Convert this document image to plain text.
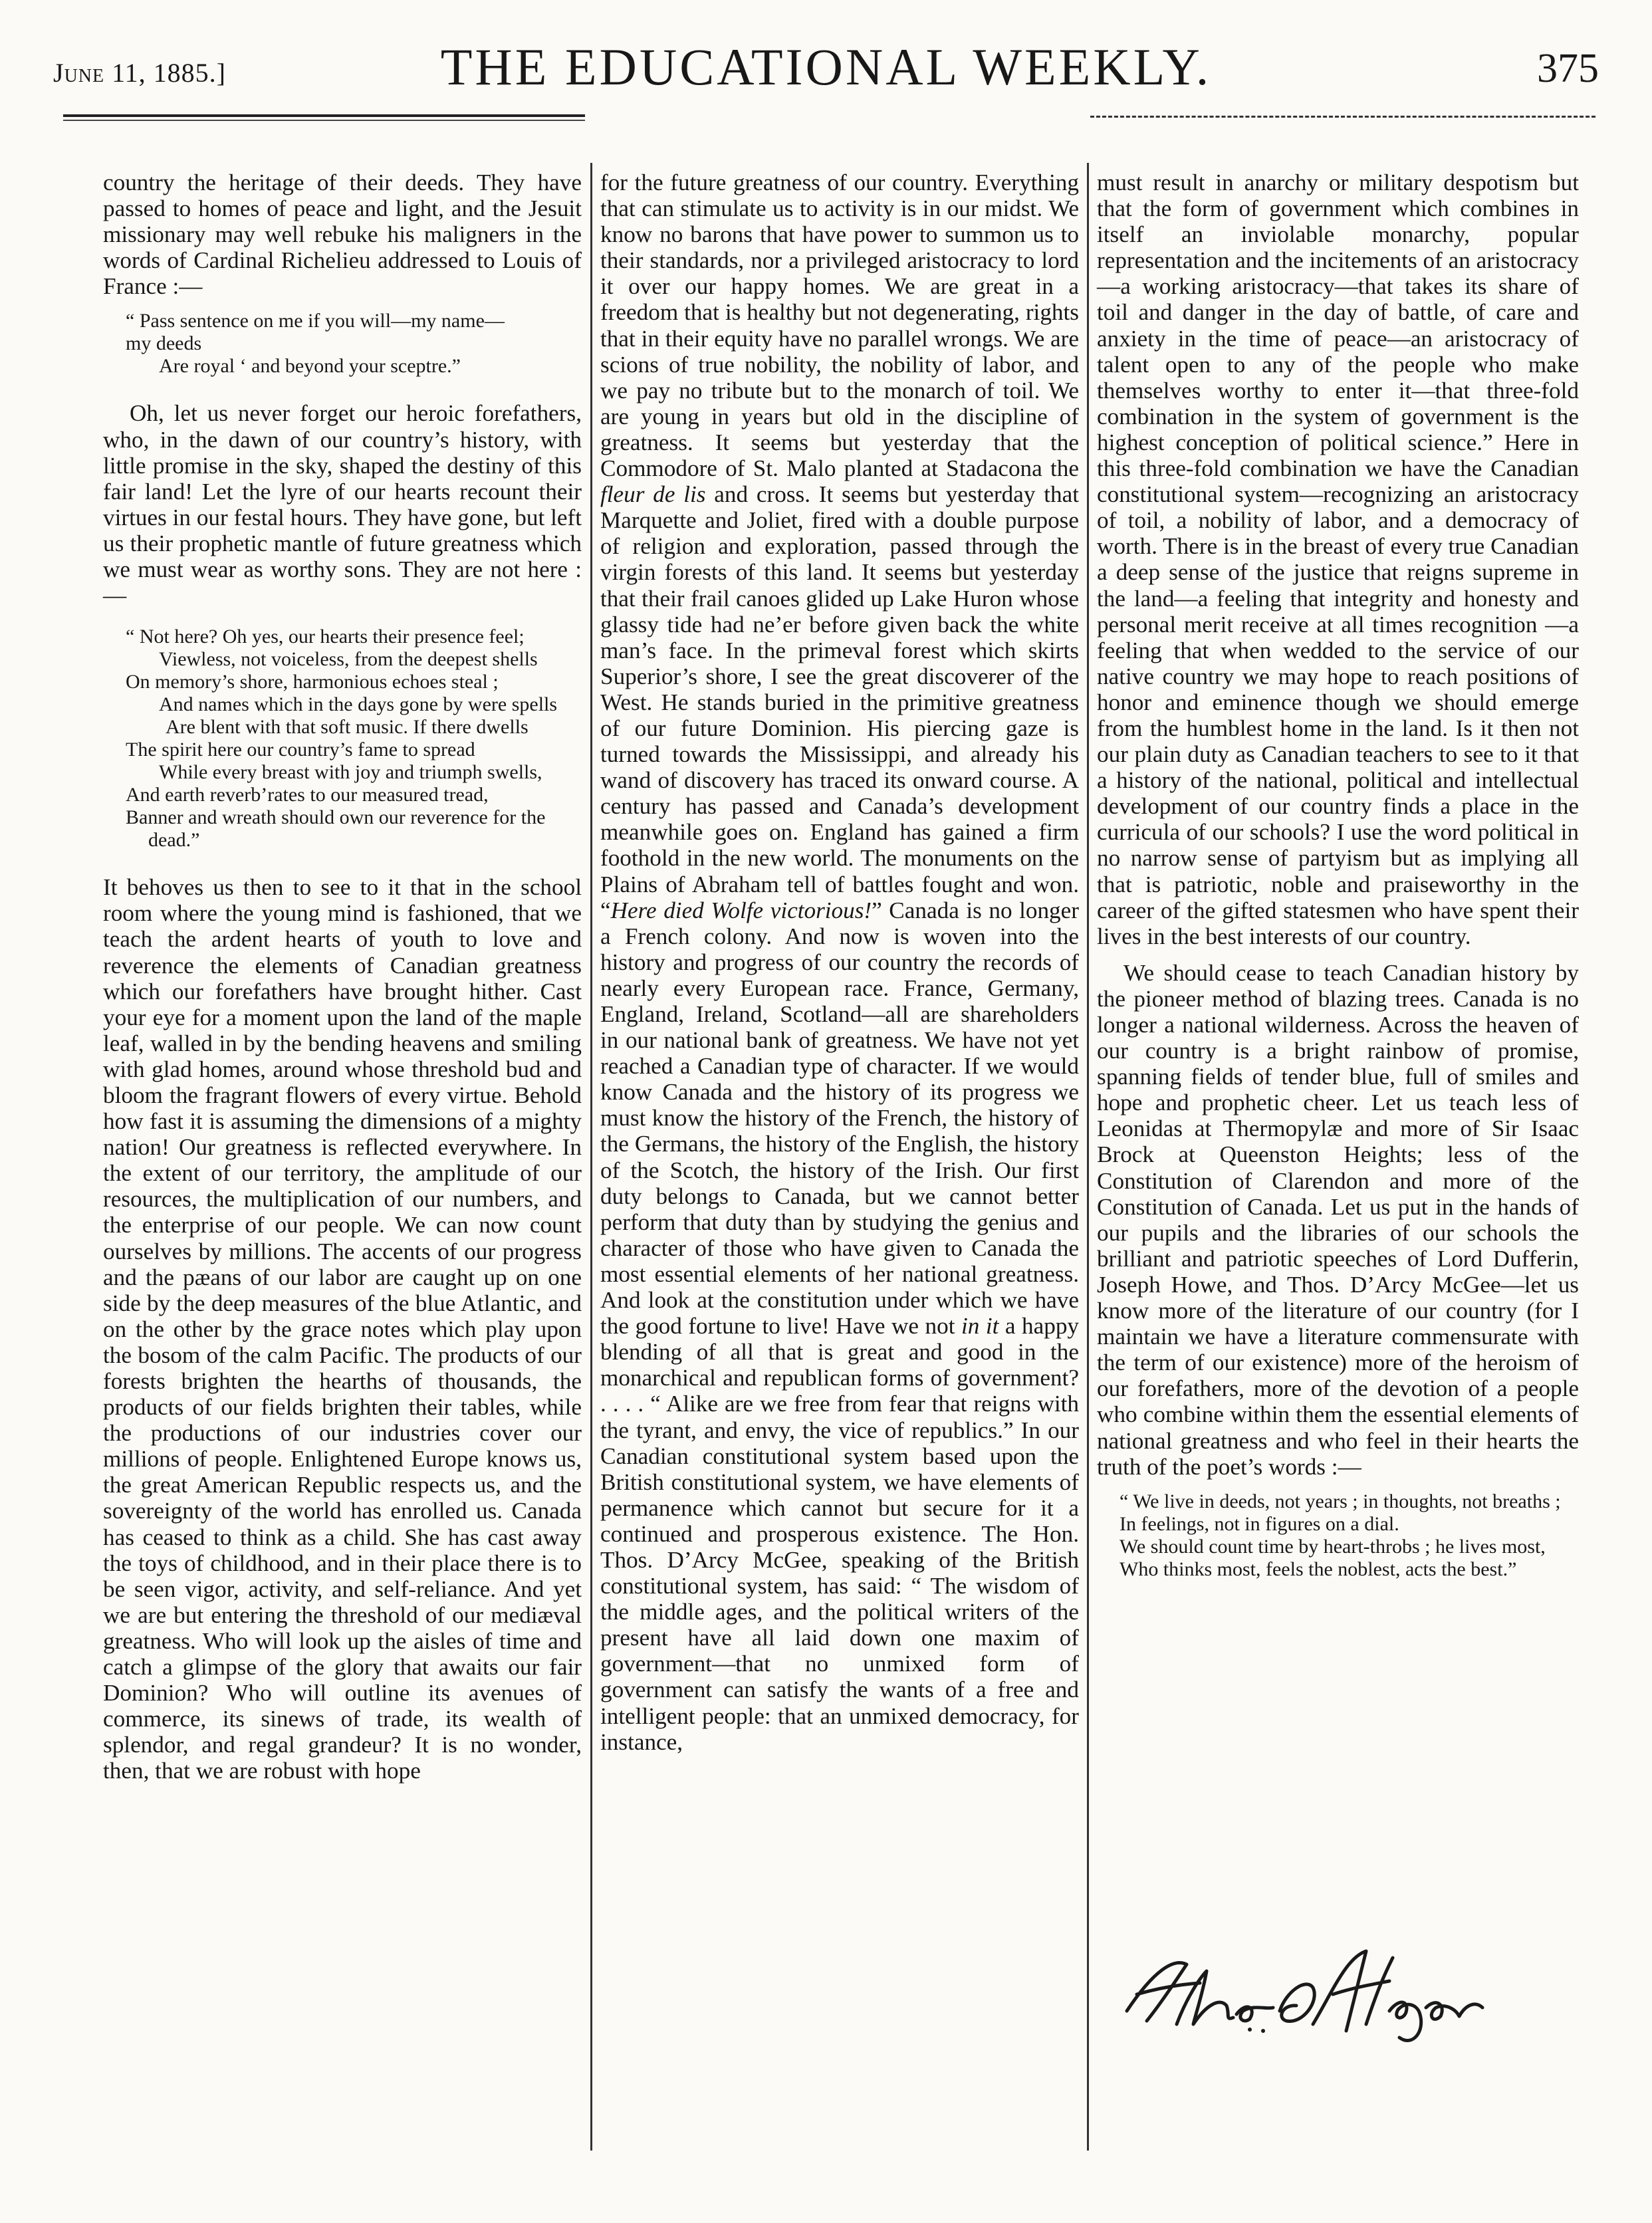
June 11, 1885.]	THE EDUCATIONAL WEEKLY.	375

country the heritage of their deeds. They have passed to homes of peace and light, and the Jesuit missionary may well rebuke his maligners in the words of Cardinal Richelieu addressed to Louis of France :—

“ Pass sentence on me if you will—my name—
my deeds
Are royal ‘ and beyond your sceptre.”

Oh, let us never forget our heroic forefathers, who, in the dawn of our country’s history, with little promise in the sky, shaped the destiny of this fair land! Let the lyre of our hearts recount their virtues in our festal hours. They have gone, but left us their prophetic mantle of future greatness which we must wear as worthy sons. They are not here :—

“ Not here? Oh yes, our hearts their presence feel;
Viewless, not voiceless, from the deepest shells
On memory’s shore, harmonious echoes steal ;
And names which in the days gone by were spells
Are blent with that soft music. If there dwells
The spirit here our country’s fame to spread
While every breast with joy and triumph swells,
And earth reverb’rates to our measured tread,
Banner and wreath should own our reverence for the dead.”

It behoves us then to see to it that in the school room where the young mind is fashioned, that we teach the ardent hearts of youth to love and reverence the elements of Canadian greatness which our forefathers have brought hither. Cast your eye for a moment upon the land of the maple leaf, walled in by the bending heavens and smiling with glad homes, around whose threshold bud and bloom the fragrant flowers of every virtue. Behold how fast it is assuming the dimensions of a mighty nation! Our greatness is reflected everywhere. In the extent of our territory, the amplitude of our resources, the multiplication of our numbers, and the enterprise of our people. We can now count ourselves by millions. The accents of our progress and the pæans of our labor are caught up on one side by the deep measures of the blue Atlantic, and on the other by the grace notes which play upon the bosom of the calm Pacific. The products of our forests brighten the hearths of thousands, the products of our fields brighten their tables, while the productions of our industries cover our millions of people. Enlightened Europe knows us, the great American Republic respects us, and the sovereignty of the world has enrolled us. Canada has ceased to think as a child. She has cast away the toys of childhood, and in their place there is to be seen vigor, activity, and self-reliance. And yet we are but entering the threshold of our mediæval greatness. Who will look up the aisles of time and catch a glimpse of the glory that awaits our fair Dominion? Who will outline its avenues of commerce, its sinews of trade, its wealth of splendor, and regal grandeur? It is no wonder, then, that we are robust with hope

for the future greatness of our country. Everything that can stimulate us to activity is in our midst. We know no barons that have power to summon us to their standards, nor a privileged aristocracy to lord it over our happy homes. We are great in a freedom that is healthy but not degenerating, rights that in their equity have no parallel wrongs. We are scions of true nobility, the nobility of labor, and we pay no tribute but to the monarch of toil. We are young in years but old in the discipline of greatness. It seems but yesterday that the Commodore of St. Malo planted at Stadacona the fleur de lis and cross. It seems but yesterday that Marquette and Joliet, fired with a double purpose of religion and exploration, passed through the virgin forests of this land. It seems but yesterday that their frail canoes glided up Lake Huron whose glassy tide had ne’er before given back the white man’s face. In the primeval forest which skirts Superior’s shore, I see the great discoverer of the West. He stands buried in the primitive greatness of our future Dominion. His piercing gaze is turned towards the Mississippi, and already his wand of discovery has traced its onward course. A century has passed and Canada’s development meanwhile goes on. England has gained a firm foothold in the new world. The monuments on the Plains of Abraham tell of battles fought and won. “Here died Wolfe victorious!” Canada is no longer a French colony. And now is woven into the history and progress of our country the records of nearly every European race. France, Germany, England, Ireland, Scotland—all are shareholders in our national bank of greatness. We have not yet reached a Canadian type of character. If we would know Canada and the history of its progress we must know the history of the French, the history of the Germans, the history of the English, the history of the Scotch, the history of the Irish. Our first duty belongs to Canada, but we cannot better perform that duty than by studying the genius and character of those who have given to Canada the most essential elements of her national greatness. And look at the constitution under which we have the good fortune to live! Have we not in it a happy blending of all that is great and good in the monarchical and republican forms of government? . . . . “ Alike are we free from fear that reigns with the tyrant, and envy, the vice of republics.” In our Canadian constitutional system based upon the British constitutional system, we have elements of permanence which cannot but secure for it a continued and prosperous existence. The Hon. Thos. D’Arcy McGee, speaking of the British constitutional system, has said: “ The wisdom of the middle ages, and the political writers of the present have all laid down one maxim of government—that no unmixed form of government can satisfy the wants of a free and intelligent people: that an unmixed democracy, for instance,

must result in anarchy or military despotism but that the form of government which combines in itself an inviolable monarchy, popular representation and the incitements of an aristocracy—a working aristocracy—that takes its share of toil and danger in the day of battle, of care and anxiety in the time of peace—an aristocracy of talent open to any of the people who make themselves worthy to enter it—that three-fold combination in the system of government is the highest conception of political science.” Here in this three-fold combination we have the Canadian constitutional system—recognizing an aristocracy of toil, a nobility of labor, and a democracy of worth. There is in the breast of every true Canadian a deep sense of the justice that reigns supreme in the land—a feeling that integrity and honesty and personal merit receive at all times recognition —a feeling that when wedded to the service of our native country we may hope to reach positions of honor and eminence though we should emerge from the humblest home in the land. Is it then not our plain duty as Canadian teachers to see to it that a history of the national, political and intellectual development of our country finds a place in the curricula of our schools? I use the word political in no narrow sense of partyism but as implying all that is patriotic, noble and praiseworthy in the career of the gifted statesmen who have spent their lives in the best interests of our country.

We should cease to teach Canadian history by the pioneer method of blazing trees. Canada is no longer a national wilderness. Across the heaven of our country is a bright rainbow of promise, spanning fields of tender blue, full of smiles and hope and prophetic cheer. Let us teach less of Leonidas at Thermopylæ and more of Sir Isaac Brock at Queenston Heights; less of the Constitution of Clarendon and more of the Constitution of Canada. Let us put in the hands of our pupils and the libraries of our schools the brilliant and patriotic speeches of Lord Dufferin, Joseph Howe, and Thos. D’Arcy McGee—let us know more of the literature of our country (for I maintain we have a literature commensurate with the term of our existence) more of the heroism of our forefathers, more of the devotion of a people who combine within them the essential elements of national greatness and who feel in their hearts the truth of the poet’s words :—

“ We live in deeds, not years ; in thoughts, not breaths ;
In feelings, not in figures on a dial.
We should count time by heart-throbs ; he lives most,
Who thinks most, feels the noblest, acts the best.”
